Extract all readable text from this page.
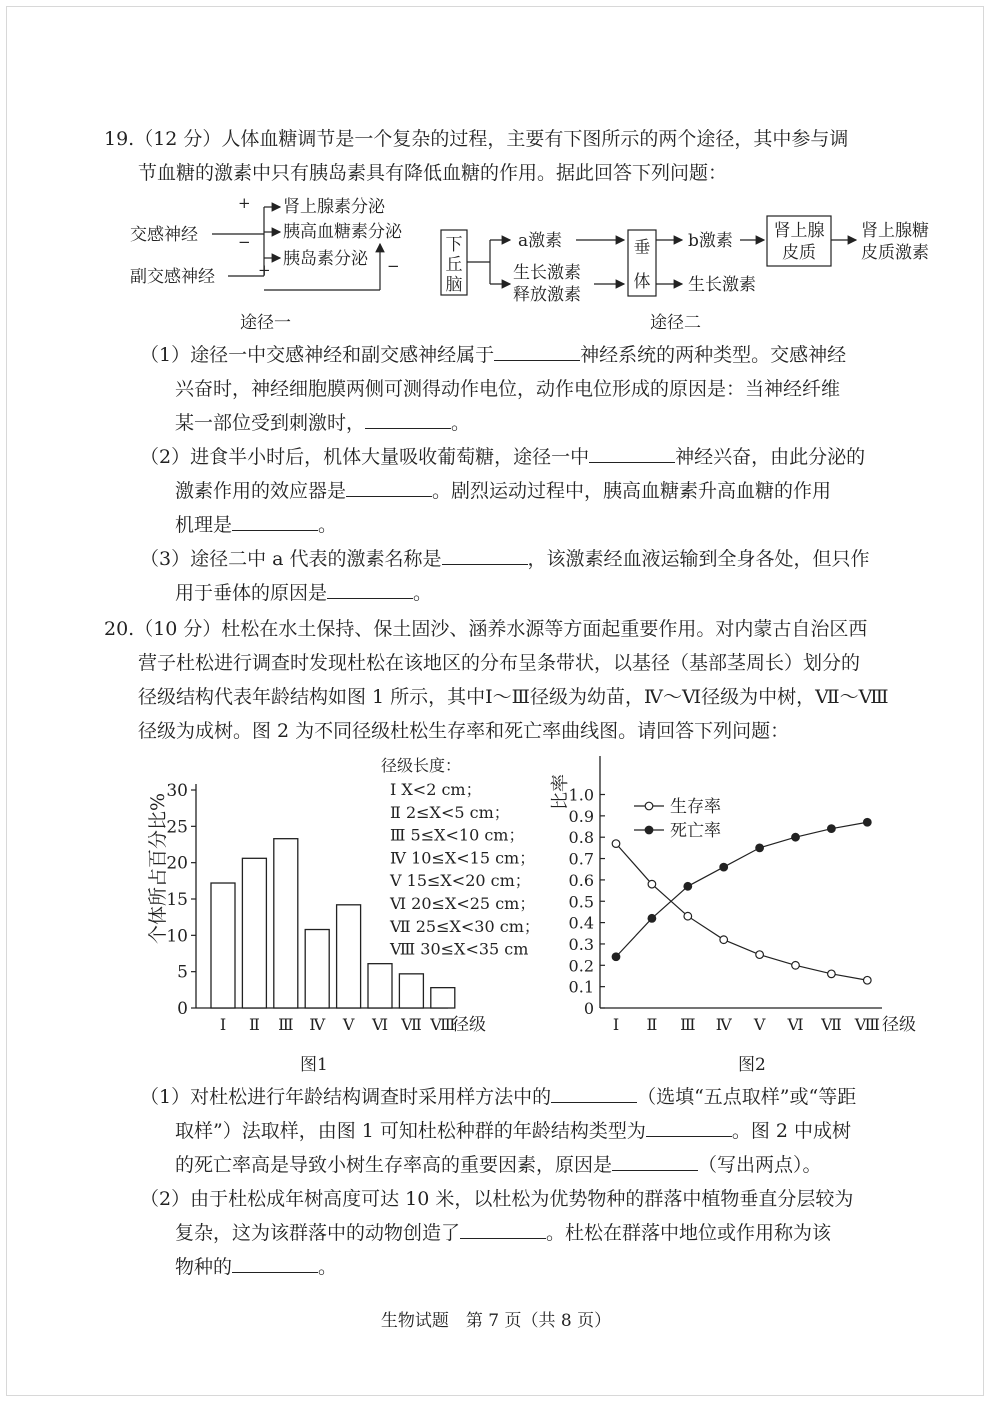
19.（12 分）人体血糖调节是一个复杂的过程，主要有下图所示的两个途径，其中参与调
节血糖的激素中只有胰岛素具有降低血糖的作用。据此回答下列问题：
交感神经
副交感神经
+
−
+	−
肾上腺素分泌
胰高血糖素分泌
胰岛素分泌
途径一
下
丘
脑
a激素
生长激素
释放激素
垂
体
b激素
生长激素
肾上腺
皮质
肾上腺糖
皮质激素
途径二
（1）途径一中交感神经和副交感神经属于	神经系统的两种类型。交感神经
兴奋时，神经细胞膜两侧可测得动作电位，动作电位形成的原因是：当神经纤维
某一部位受到刺激时，	。
（2）进食半小时后，机体大量吸收葡萄糖，途径一中	神经兴奋，由此分泌的
激素作用的效应器是	。剧烈运动过程中，胰高血糖素升高血糖的作用
机理是	。
（3）途径二中 a 代表的激素名称是	，该激素经血液运输到全身各处，但只作
用于垂体的原因是	。
20.（10 分）杜松在水土保持、保土固沙、涵养水源等方面起重要作用。对内蒙古自治区西
营子杜松进行调查时发现杜松在该地区的分布呈条带状，以基径（基部茎周长）划分的
径级结构代表年龄结构如图 1 所示，其中Ⅰ～Ⅲ径级为幼苗，Ⅳ～Ⅵ径级为中树，Ⅶ～Ⅷ
径级为成树。图 2 为不同径级杜松生存率和死亡率曲线图。请回答下列问题：
0
5
10
15
20
25
30
Ⅰ Ⅱ Ⅲ Ⅳ Ⅴ Ⅵ Ⅶ Ⅷ
径级
个体所占百分比%
图1
径级长度：
Ⅰ X<2 cm；
Ⅱ 2≤X<5 cm；
Ⅲ 5≤X<10 cm；
Ⅳ 10≤X<15 cm；
Ⅴ 15≤X<20 cm；
Ⅵ 20≤X<25 cm；
Ⅶ 25≤X<30 cm；
Ⅷ 30≤X<35 cm
0
0.1
0.2
0.3
0.4
0.5
0.6
0.7
0.8
0.9
1.0
Ⅰ Ⅱ Ⅲ Ⅳ Ⅴ Ⅵ Ⅶ Ⅷ 径级
比率	生存率
死亡率
图2
（1）对杜松进行年龄结构调查时采用样方法中的	（选填“五点取样”或“等距
取样”）法取样，由图 1 可知杜松种群的年龄结构类型为	。图 2 中成树
的死亡率高是导致小树生存率高的重要因素，原因是	（写出两点）。
（2）由于杜松成年树高度可达 10 米，以杜松为优势物种的群落中植物垂直分层较为
复杂，这为该群落中的动物创造了	。杜松在群落中地位或作用称为该
物种的	。
生物试题　第 7 页（共 8 页）
